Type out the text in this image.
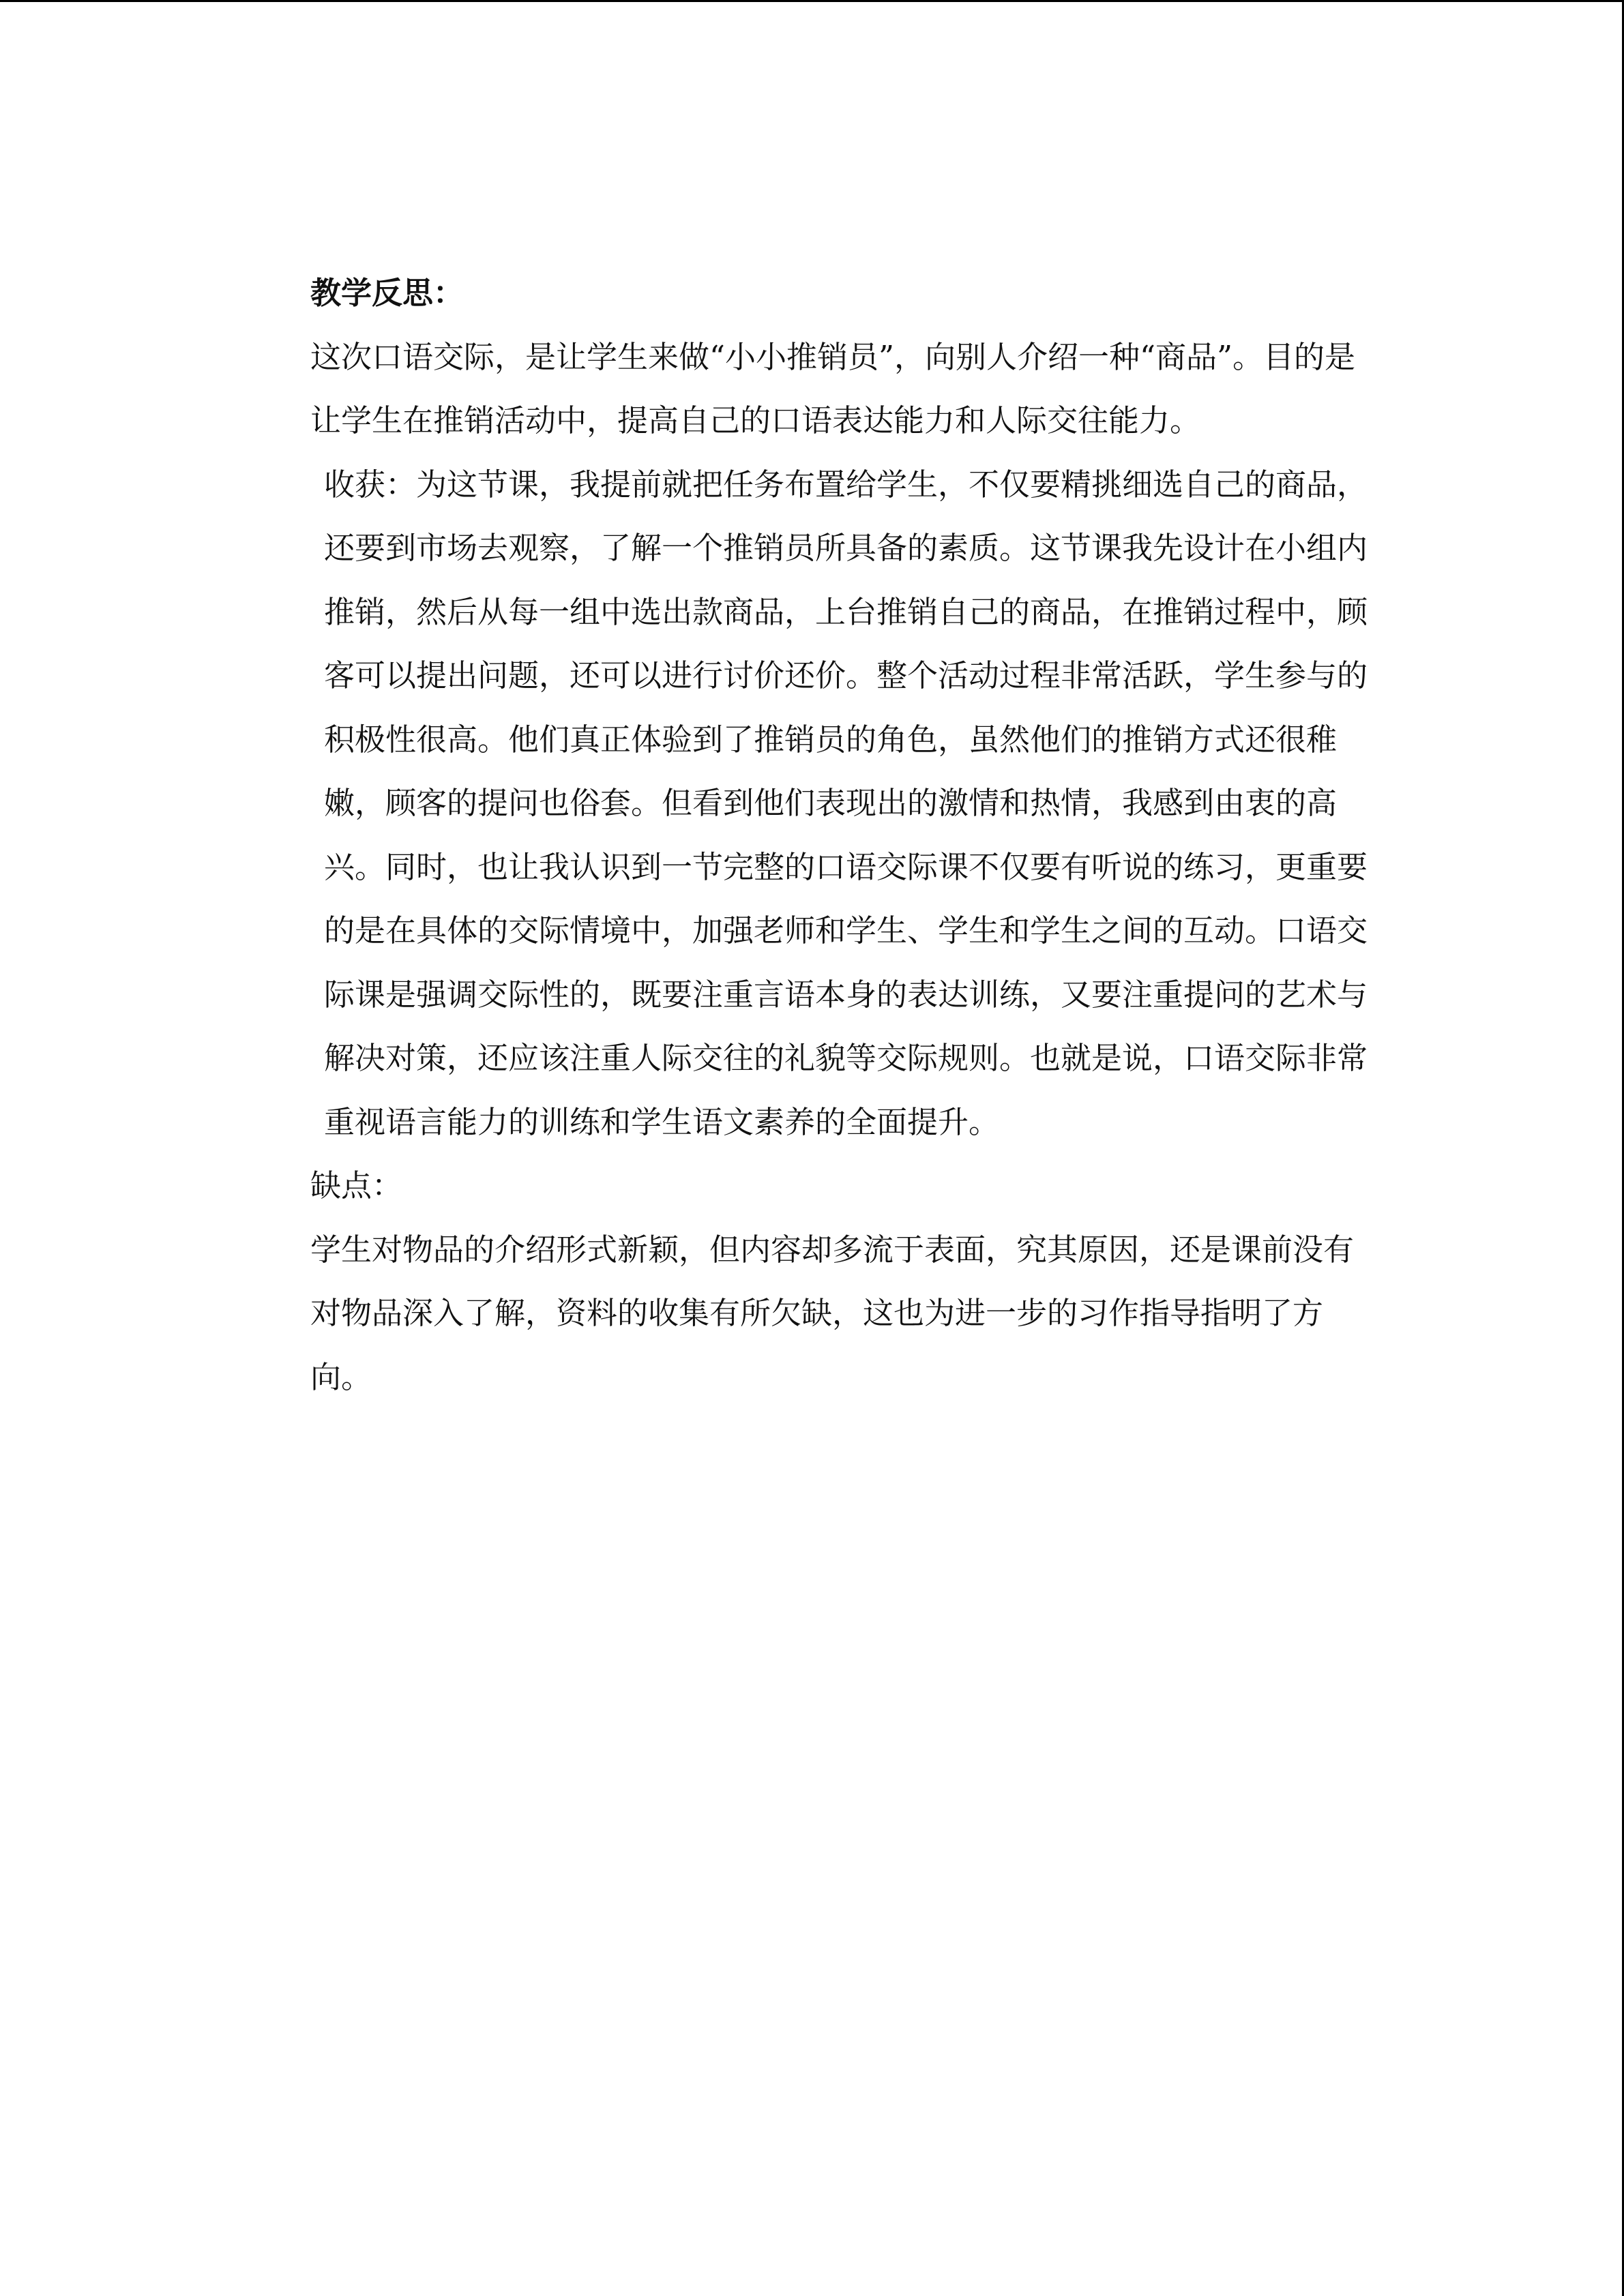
教学反思：

这次口语交际，是让学生来做“小小推销员”，向别人介绍一种“商品”。目的是让学生在推销活动中，提高自己的口语表达能力和人际交往能力。

收获：为这节课，我提前就把任务布置给学生，不仅要精挑细选自己的商品，还要到市场去观察，了解一个推销员所具备的素质。这节课我先设计在小组内推销，然后从每一组中选出款商品，上台推销自己的商品，在推销过程中，顾客可以提出问题，还可以进行讨价还价。整个活动过程非常活跃，学生参与的积极性很高。他们真正体验到了推销员的角色，虽然他们的推销方式还很稚嫩，顾客的提问也俗套。但看到他们表现出的激情和热情，我感到由衷的高兴。同时，也让我认识到一节完整的口语交际课不仅要有听说的练习，更重要的是在具体的交际情境中，加强老师和学生、学生和学生之间的互动。口语交际课是强调交际性的，既要注重言语本身的表达训练，又要注重提问的艺术与解决对策，还应该注重人际交往的礼貌等交际规则。也就是说，口语交际非常重视语言能力的训练和学生语文素养的全面提升。

缺点：

学生对物品的介绍形式新颖，但内容却多流于表面，究其原因，还是课前没有对物品深入了解，资料的收集有所欠缺，这也为进一步的习作指导指明了方向。
